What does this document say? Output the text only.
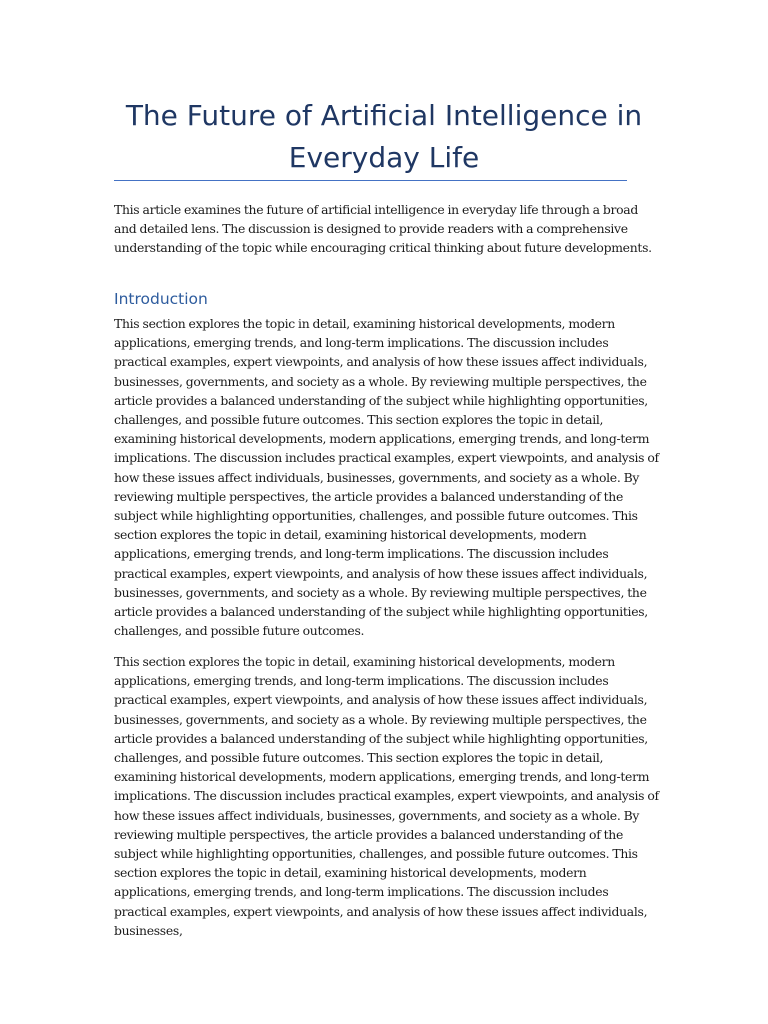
The Future of Artificial Intelligence in Everyday Life

This article examines the future of artificial intelligence in everyday life through a broad and detailed lens. The discussion is designed to provide readers with a comprehensive understanding of the topic while encouraging critical thinking about future developments.

Introduction

This section explores the topic in detail, examining historical developments, modern applications, emerging trends, and long-term implications. The discussion includes practical examples, expert viewpoints, and analysis of how these issues affect individuals, businesses, governments, and society as a whole. By reviewing multiple perspectives, the article provides a balanced understanding of the subject while highlighting opportunities, challenges, and possible future outcomes. This section explores the topic in detail, examining historical developments, modern applications, emerging trends, and long-term implications. The discussion includes practical examples, expert viewpoints, and analysis of how these issues affect individuals, businesses, governments, and society as a whole. By reviewing multiple perspectives, the article provides a balanced understanding of the subject while highlighting opportunities, challenges, and possible future outcomes. This section explores the topic in detail, examining historical developments, modern applications, emerging trends, and long-term implications. The discussion includes practical examples, expert viewpoints, and analysis of how these issues affect individuals, businesses, governments, and society as a whole. By reviewing multiple perspectives, the article provides a balanced understanding of the subject while highlighting opportunities, challenges, and possible future outcomes.

This section explores the topic in detail, examining historical developments, modern applications, emerging trends, and long-term implications. The discussion includes practical examples, expert viewpoints, and analysis of how these issues affect individuals, businesses, governments, and society as a whole. By reviewing multiple perspectives, the article provides a balanced understanding of the subject while highlighting opportunities, challenges, and possible future outcomes. This section explores the topic in detail, examining historical developments, modern applications, emerging trends, and long-term implications. The discussion includes practical examples, expert viewpoints, and analysis of how these issues affect individuals, businesses, governments, and society as a whole. By reviewing multiple perspectives, the article provides a balanced understanding of the subject while highlighting opportunities, challenges, and possible future outcomes. This section explores the topic in detail, examining historical developments, modern applications, emerging trends, and long-term implications. The discussion includes practical examples, expert viewpoints, and analysis of how these issues affect individuals, businesses,
